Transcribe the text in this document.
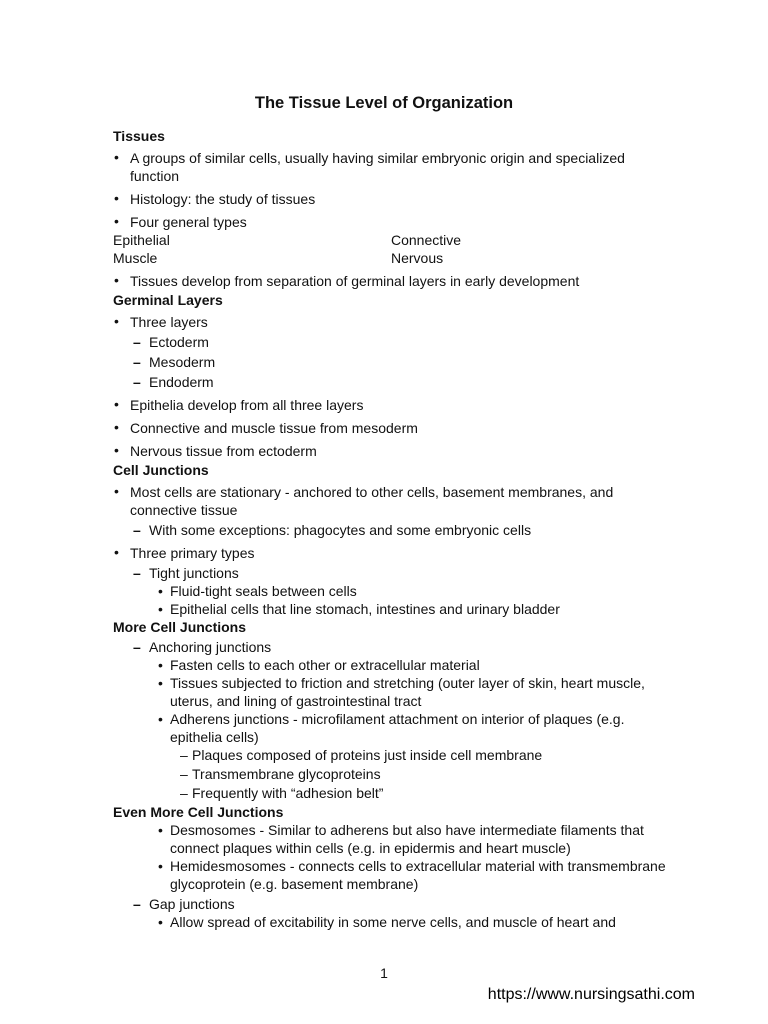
The Tissue Level of Organization
Tissues
• A groups of similar cells, usually having similar embryonic origin and specialized function
• Histology: the study of tissues
• Four general types
Epithelial	Connective
Muscle	Nervous
• Tissues develop from separation of germinal layers in early development
Germinal Layers
• Three layers
– Ectoderm
– Mesoderm
– Endoderm
• Epithelia develop from all three layers
• Connective and muscle tissue from mesoderm
• Nervous tissue from ectoderm
Cell Junctions
• Most cells are stationary - anchored to other cells, basement membranes, and connective tissue
– With some exceptions: phagocytes and some embryonic cells
• Three primary types
– Tight junctions
• Fluid-tight seals between cells
• Epithelial cells that line stomach, intestines and urinary bladder
More Cell Junctions
– Anchoring junctions
• Fasten cells to each other or extracellular material
• Tissues subjected to friction and stretching (outer layer of skin, heart muscle, uterus, and lining of gastrointestinal tract
• Adherens junctions - microfilament attachment on interior of plaques (e.g. epithelia cells)
– Plaques composed of proteins just inside cell membrane
– Transmembrane glycoproteins
– Frequently with “adhesion belt”
Even More Cell Junctions
• Desmosomes - Similar to adherens but also have intermediate filaments that connect plaques within cells (e.g. in epidermis and heart muscle)
• Hemidesmosomes - connects cells to extracellular material with transmembrane glycoprotein (e.g. basement membrane)
– Gap junctions
• Allow spread of excitability in some nerve cells, and muscle of heart and
1
https://www.nursingsathi.com
